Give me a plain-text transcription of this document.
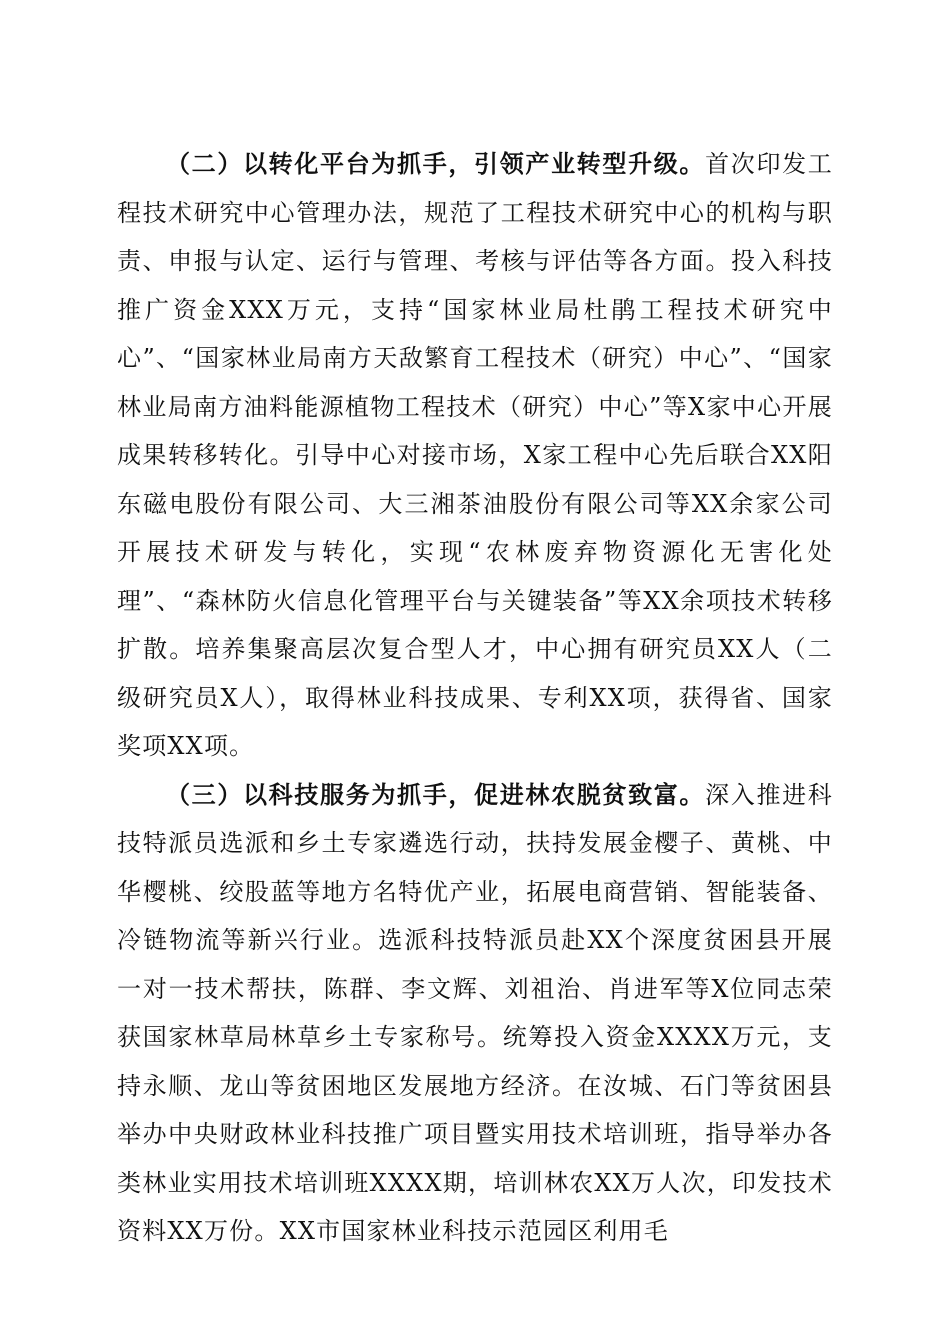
（二）以转化平台为抓手，引领产业转型升级。首次印发工程技术研究中心管理办法，规范了工程技术研究中心的机构与职责、申报与认定、运行与管理、考核与评估等各方面。投入科技推广资金XXX万元，支持“国家林业局杜鹃工程技术研究中心”、“国家林业局南方天敌繁育工程技术（研究）中心”、“国家林业局南方油料能源植物工程技术（研究）中心”等X家中心开展成果转移转化。引导中心对接市场，X家工程中心先后联合XX阳东磁电股份有限公司、大三湘茶油股份有限公司等XX余家公司开展技术研发与转化，实现“农林废弃物资源化无害化处理”、“森林防火信息化管理平台与关键装备”等XX余项技术转移扩散。培养集聚高层次复合型人才，中心拥有研究员XX人（二级研究员X人），取得林业科技成果、专利XX项，获得省、国家奖项XX项。

（三）以科技服务为抓手，促进林农脱贫致富。深入推进科技特派员选派和乡土专家遴选行动，扶持发展金樱子、黄桃、中华樱桃、绞股蓝等地方名特优产业，拓展电商营销、智能装备、冷链物流等新兴行业。选派科技特派员赴XX个深度贫困县开展一对一技术帮扶，陈群、李文辉、刘祖治、肖进军等X位同志荣获国家林草局林草乡土专家称号。统筹投入资金XXXX万元，支持永顺、龙山等贫困地区发展地方经济。在汝城、石门等贫困县举办中央财政林业科技推广项目暨实用技术培训班，指导举办各类林业实用技术培训班XXXX期，培训林农XX万人次，印发技术资料XX万份。XX市国家林业科技示范园区利用毛
